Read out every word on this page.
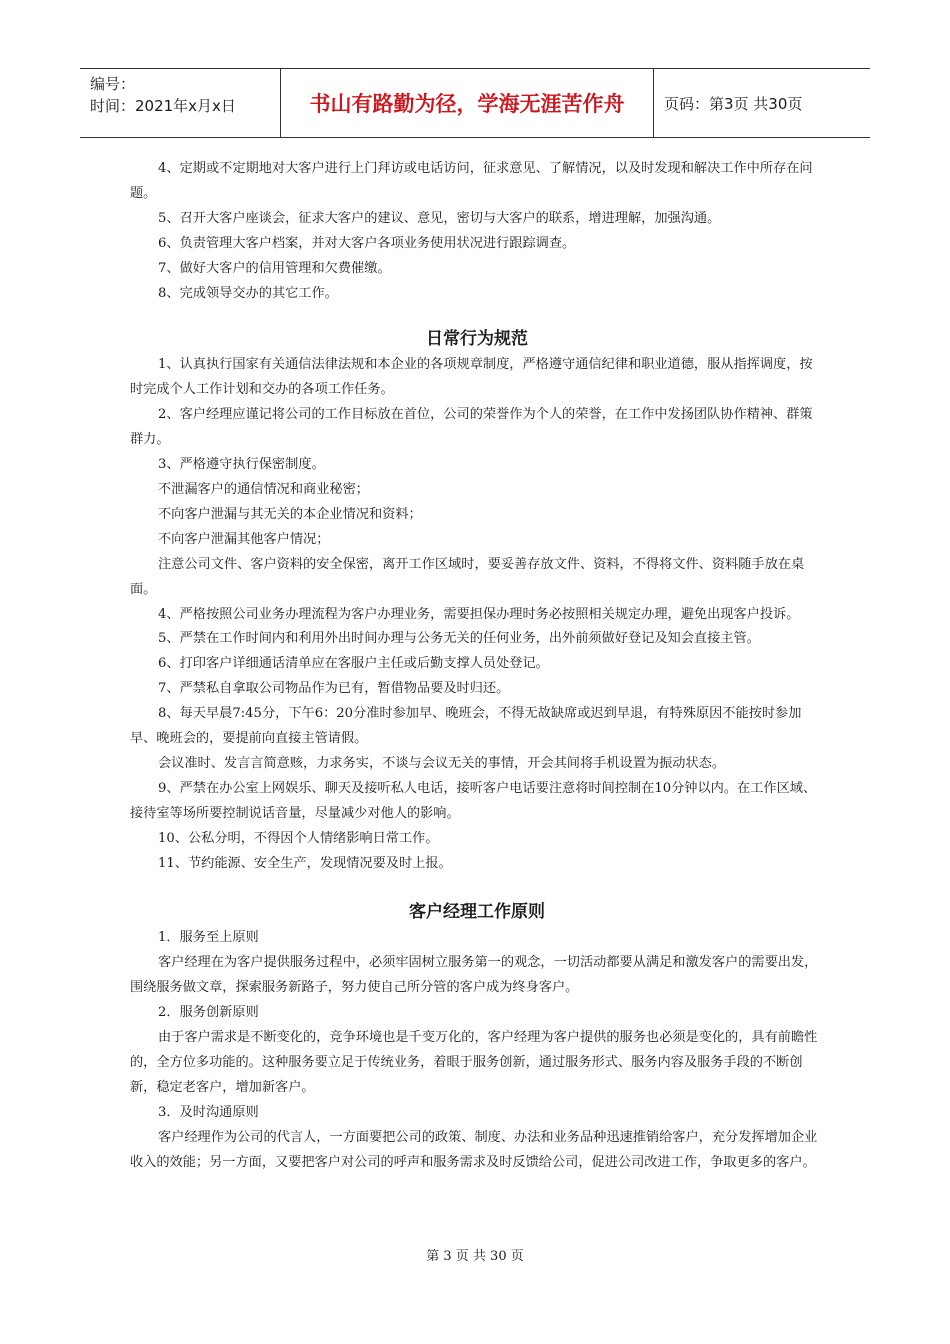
编号：
时间：2021年x月x日	书山有路勤为径，学海无涯苦作舟	页码：第3页 共30页

4、定期或不定期地对大客户进行上门拜访或电话访问，征求意见、了解情况，以及时发现和解决工作中所存在问题。

5、召开大客户座谈会，征求大客户的建议、意见，密切与大客户的联系，增进理解，加强沟通。

6、负责管理大客户档案，并对大客户各项业务使用状况进行跟踪调查。

7、做好大客户的信用管理和欠费催缴。

8、完成领导交办的其它工作。

日常行为规范

1、认真执行国家有关通信法律法规和本企业的各项规章制度，严格遵守通信纪律和职业道德，服从指挥调度，按时完成个人工作计划和交办的各项工作任务。

2、客户经理应谨记将公司的工作目标放在首位，公司的荣誉作为个人的荣誉，在工作中发扬团队协作精神、群策群力。

3、严格遵守执行保密制度。

不泄漏客户的通信情况和商业秘密；

不向客户泄漏与其无关的本企业情况和资料；

不向客户泄漏其他客户情况；

注意公司文件、客户资料的安全保密，离开工作区域时，要妥善存放文件、资料，不得将文件、资料随手放在桌面。

4、严格按照公司业务办理流程为客户办理业务，需要担保办理时务必按照相关规定办理，避免出现客户投诉。

5、严禁在工作时间内和利用外出时间办理与公务无关的任何业务，出外前须做好登记及知会直接主管。

6、打印客户详细通话清单应在客服户主任或后勤支撑人员处登记。

7、严禁私自拿取公司物品作为已有，暂借物品要及时归还。

8、每天早晨7:45分，下午6：20分准时参加早、晚班会，不得无故缺席或迟到早退，有特殊原因不能按时参加早、晚班会的，要提前向直接主管请假。

会议准时、发言言简意赅，力求务实，不谈与会议无关的事情，开会其间将手机设置为振动状态。

9、严禁在办公室上网娱乐、聊天及接听私人电话，接听客户电话要注意将时间控制在10分钟以内。在工作区域、接待室等场所要控制说话音量，尽量减少对他人的影响。

10、公私分明，不得因个人情绪影响日常工作。

11、节约能源、安全生产，发现情况要及时上报。

客户经理工作原则

1．服务至上原则

客户经理在为客户提供服务过程中，必须牢固树立服务第一的观念，一切活动都要从满足和激发客户的需要出发，围绕服务做文章，探索服务新路子，努力使自己所分管的客户成为终身客户。

2．服务创新原则

由于客户需求是不断变化的，竞争环境也是千变万化的，客户经理为客户提供的服务也必须是变化的，具有前瞻性的，全方位多功能的。这种服务要立足于传统业务，着眼于服务创新，通过服务形式、服务内容及服务手段的不断创新，稳定老客户，增加新客户。

3．及时沟通原则

客户经理作为公司的代言人，一方面要把公司的政策、制度、办法和业务品种迅速推销给客户，充分发挥增加企业收入的效能；另一方面，又要把客户对公司的呼声和服务需求及时反馈给公司，促进公司改进工作，争取更多的客户。

第 3 页 共 30 页
